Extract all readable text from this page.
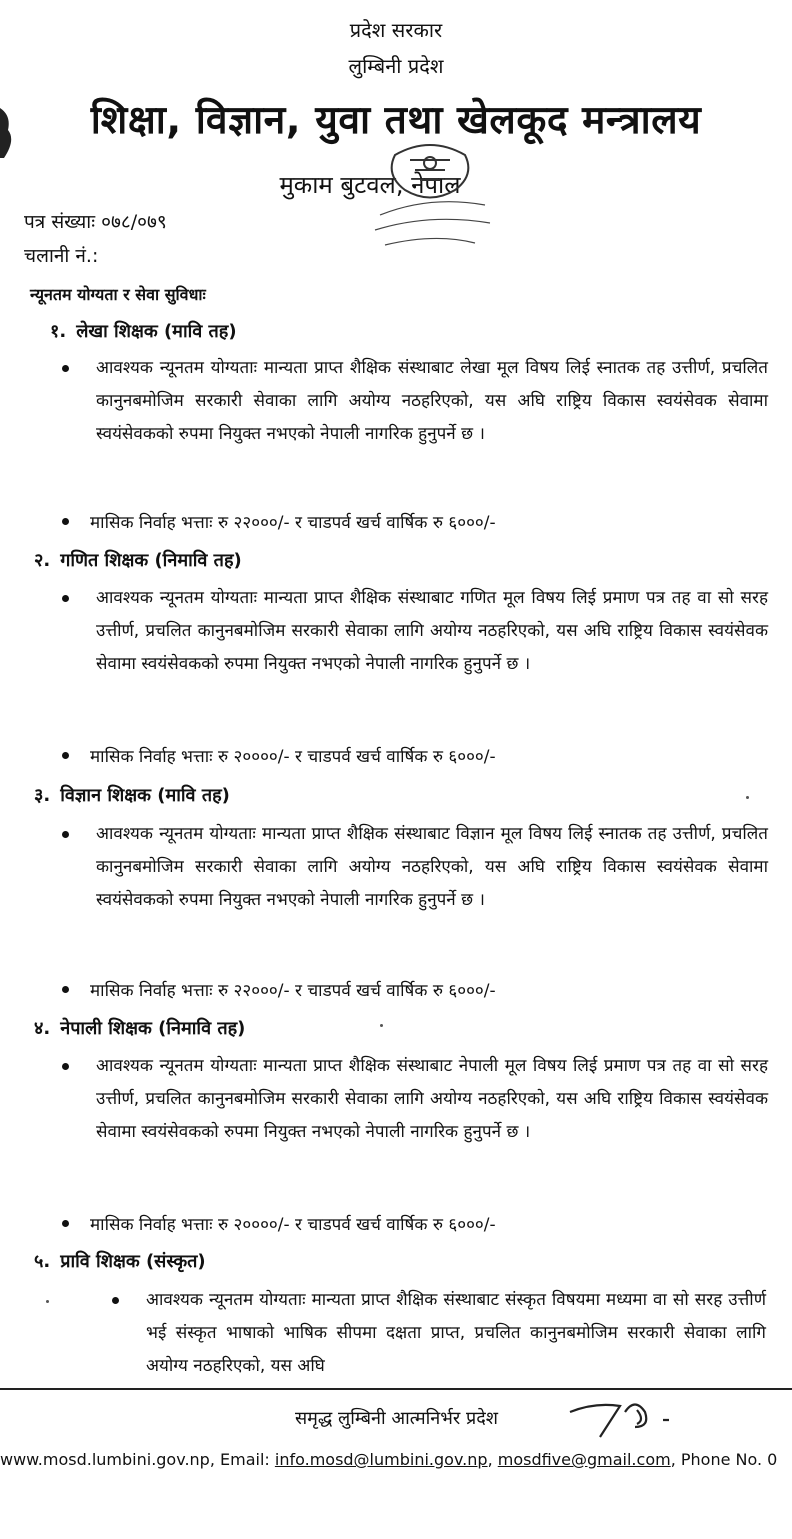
प्रदेश सरकार
लुम्बिनी प्रदेश
शिक्षा, विज्ञान, युवा तथा खेलकूद मन्त्रालय
मुकाम बुटवल, नेपाल
पत्र संख्याः ०७८/०७९
चलानी नं.:
न्यूनतम योग्यता र सेवा सुविधाः
१. लेखा शिक्षक (मावि तह)
आवश्यक न्यूनतम योग्यताः मान्यता प्राप्त शैक्षिक संस्थाबाट लेखा मूल विषय लिई स्नातक तह उत्तीर्ण, प्रचलित कानुनबमोजिम सरकारी सेवाका लागि अयोग्य नठहरिएको, यस अघि राष्ट्रिय विकास स्वयंसेवक सेवामा स्वयंसेवकको रुपमा नियुक्त नभएको नेपाली नागरिक हुनुपर्ने छ ।
मासिक निर्वाह भत्ताः रु २२०००/- र चाडपर्व खर्च वार्षिक रु ६०००/-
२. गणित शिक्षक (निमावि तह)
आवश्यक न्यूनतम योग्यताः मान्यता प्राप्त शैक्षिक संस्थाबाट गणित मूल विषय लिई प्रमाण पत्र तह वा सो सरह उत्तीर्ण, प्रचलित कानुनबमोजिम सरकारी सेवाका लागि अयोग्य नठहरिएको, यस अघि राष्ट्रिय विकास स्वयंसेवक सेवामा स्वयंसेवकको रुपमा नियुक्त नभएको नेपाली नागरिक हुनुपर्ने छ ।
मासिक निर्वाह भत्ताः रु २००००/- र चाडपर्व खर्च वार्षिक रु ६०००/-
३. विज्ञान शिक्षक (मावि तह)
आवश्यक न्यूनतम योग्यताः मान्यता प्राप्त शैक्षिक संस्थाबाट विज्ञान मूल विषय लिई स्नातक तह उत्तीर्ण, प्रचलित कानुनबमोजिम सरकारी सेवाका लागि अयोग्य नठहरिएको, यस अघि राष्ट्रिय विकास स्वयंसेवक सेवामा स्वयंसेवकको रुपमा नियुक्त नभएको नेपाली नागरिक हुनुपर्ने छ ।
मासिक निर्वाह भत्ताः रु २२०००/- र चाडपर्व खर्च वार्षिक रु ६०००/-
४. नेपाली शिक्षक (निमावि तह)
आवश्यक न्यूनतम योग्यताः मान्यता प्राप्त शैक्षिक संस्थाबाट नेपाली मूल विषय लिई प्रमाण पत्र तह वा सो सरह उत्तीर्ण, प्रचलित कानुनबमोजिम सरकारी सेवाका लागि अयोग्य नठहरिएको, यस अघि राष्ट्रिय विकास स्वयंसेवक सेवामा स्वयंसेवकको रुपमा नियुक्त नभएको नेपाली नागरिक हुनुपर्ने छ ।
मासिक निर्वाह भत्ताः रु २००००/- र चाडपर्व खर्च वार्षिक रु ६०००/-
५. प्रावि शिक्षक (संस्कृत)
आवश्यक न्यूनतम योग्यताः मान्यता प्राप्त शैक्षिक संस्थाबाट संस्कृत विषयमा मध्यमा वा सो सरह उत्तीर्ण भई संस्कृत भाषाको भाषिक सीपमा दक्षता प्राप्त, प्रचलित कानुनबमोजिम सरकारी सेवाका लागि अयोग्य नठहरिएको, यस अघि
समृद्ध लुम्बिनी आत्मनिर्भर प्रदेश
www.mosd.lumbini.gov.np, Email: info.mosd@lumbini.gov.np, mosdfive@gmail.com, Phone No. 0
